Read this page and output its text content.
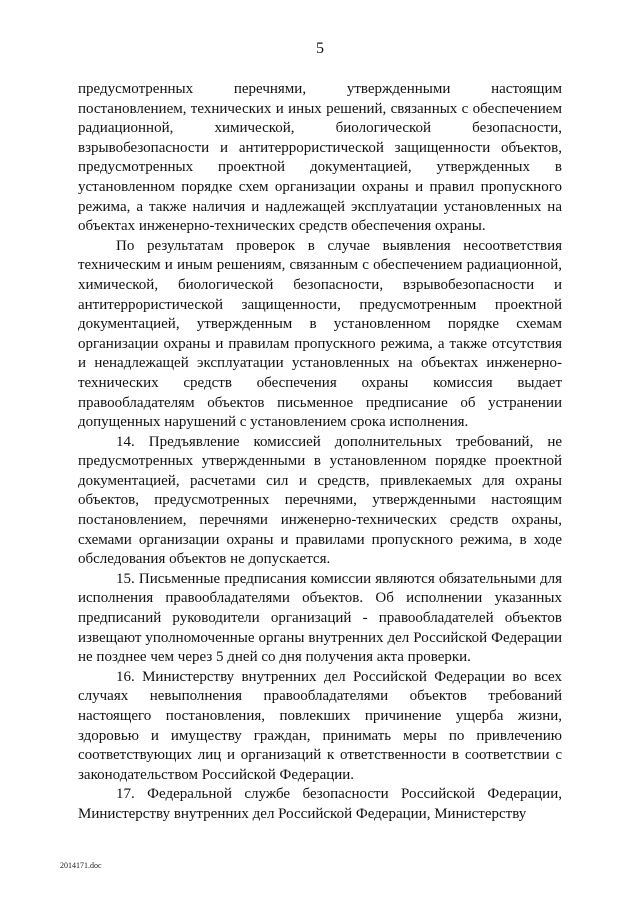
5

предусмотренных перечнями, утвержденными настоящим постановлением, технических и иных решений, связанных с обеспечением радиационной, химической, биологической безопасности, взрывобезопасности и антитеррористической защищенности объектов, предусмотренных проектной документацией, утвержденных в установленном порядке схем организации охраны и правил пропускного режима, а также наличия и надлежащей эксплуатации установленных на объектах инженерно-технических средств обеспечения охраны.

По результатам проверок в случае выявления несоответствия техническим и иным решениям, связанным с обеспечением радиационной, химической, биологической безопасности, взрывобезопасности и антитеррористической защищенности, предусмотренным проектной документацией, утвержденным в установленном порядке схемам организации охраны и правилам пропускного режима, а также отсутствия и ненадлежащей эксплуатации установленных на объектах инженерно-технических средств обеспечения охраны комиссия выдает правообладателям объектов письменное предписание об устранении допущенных нарушений с установлением срока исполнения.

14. Предъявление комиссией дополнительных требований, не предусмотренных утвержденными в установленном порядке проектной документацией, расчетами сил и средств, привлекаемых для охраны объектов, предусмотренных перечнями, утвержденными настоящим постановлением, перечнями инженерно-технических средств охраны, схемами организации охраны и правилами пропускного режима, в ходе обследования объектов не допускается.

15. Письменные предписания комиссии являются обязательными для исполнения правообладателями объектов. Об исполнении указанных предписаний руководители организаций - правообладателей объектов извещают уполномоченные органы внутренних дел Российской Федерации не позднее чем через 5 дней со дня получения акта проверки.

16. Министерству внутренних дел Российской Федерации во всех случаях невыполнения правообладателями объектов требований настоящего постановления, повлекших причинение ущерба жизни, здоровью и имуществу граждан, принимать меры по привлечению соответствующих лиц и организаций к ответственности в соответствии с законодательством Российской Федерации.

17. Федеральной службе безопасности Российской Федерации, Министерству внутренних дел Российской Федерации, Министерству

2014171.doc
